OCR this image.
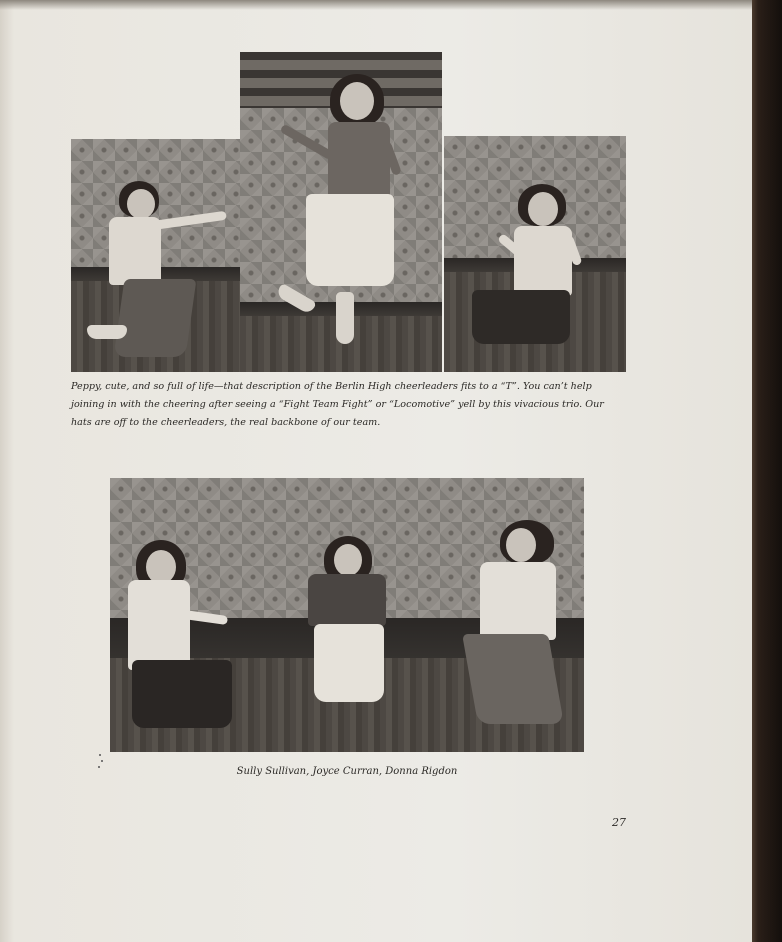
Peppy, cute, and so full of life—that description of the Berlin High cheerleaders fits to a “T”. You can’t help joining in with the cheering after seeing a “Fight Team Fight” or “Locomotive” yell by this vivacious trio. Our hats are off to the cheerleaders, the real backbone of our team.

Sully Sullivan, Joyce Curran, Donna Rigdon

27
